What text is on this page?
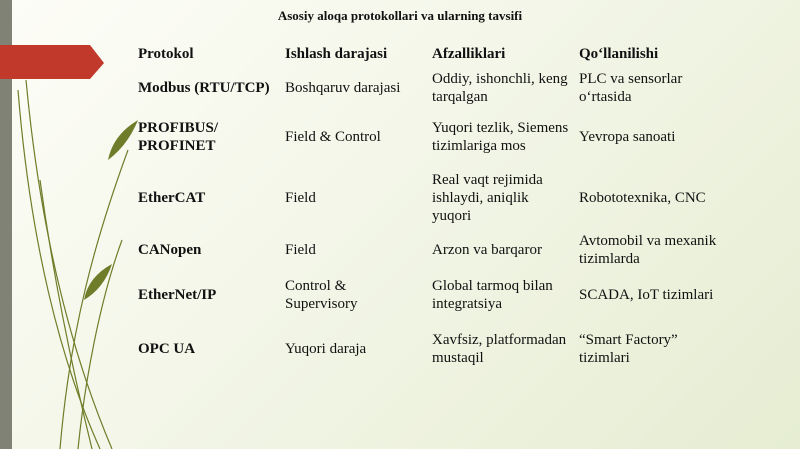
Asosiy aloqa protokollari va ularning tavsifi
Protokol	Ishlash darajasi	Afzalliklari	Qo‘llanilishi
Modbus (RTU/TCP)	Boshqaruv darajasi	Oddiy, ishonchli, keng tarqalgan	PLC va sensorlar o‘rtasida
PROFIBUS/ PROFINET	Field & Control	Yuqori tezlik, Siemens tizimlariga mos	Yevropa sanoati
EtherCAT	Field	Real vaqt rejimida ishlaydi, aniqlik yuqori	Robototexnika, CNC
CANopen	Field	Arzon va barqaror	Avtomobil va mexanik tizimlarda
EtherNet/IP	Control & Supervisory	Global tarmoq bilan integratsiya	SCADA, IoT tizimlari
OPC UA	Yuqori daraja	Xavfsiz, platformadan mustaqil	“Smart Factory” tizimlari
